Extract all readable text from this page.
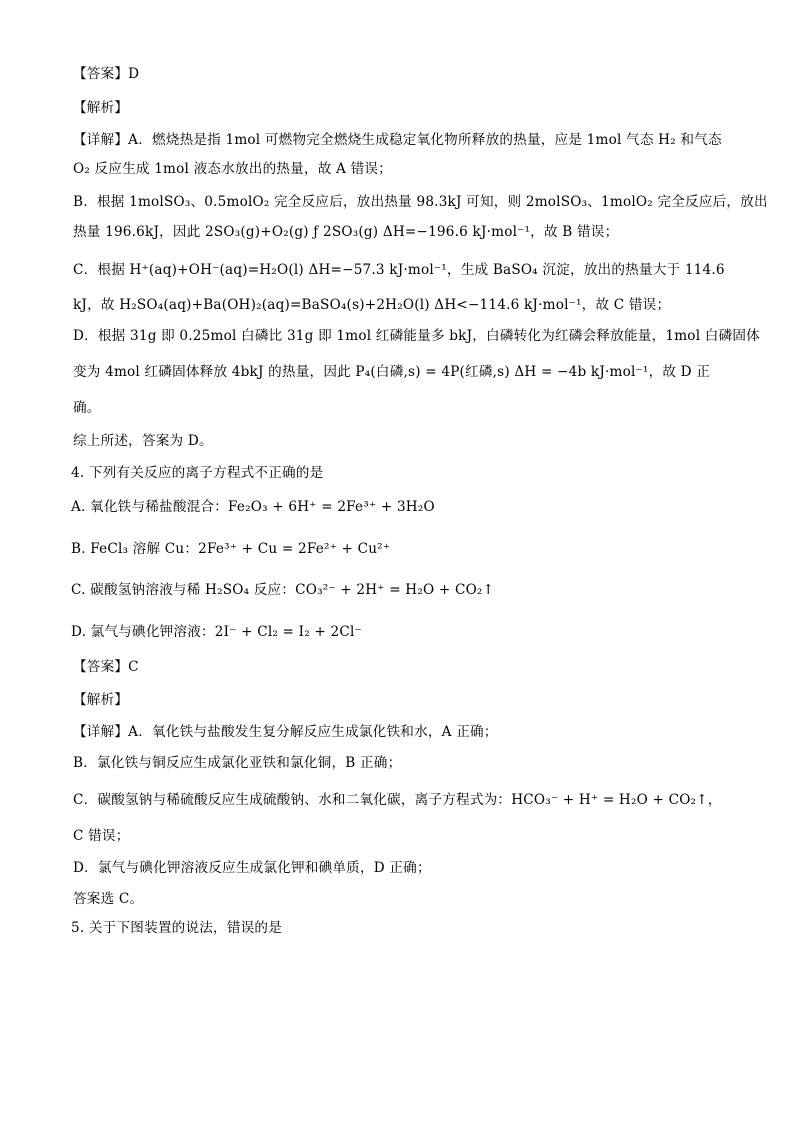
【答案】D
【解析】
【详解】A．燃烧热是指 1mol 可燃物完全燃烧生成稳定氧化物所释放的热量，应是 1mol 气态 H₂ 和气态
O₂ 反应生成 1mol 液态水放出的热量，故 A 错误；
B．根据 1molSO₃、0.5molO₂ 完全反应后，放出热量 98.3kJ 可知，则 2molSO₃、1molO₂ 完全反应后，放出
热量 196.6kJ，因此 2SO₃(g)+O₂(g) ƒ 2SO₃(g) ΔH=−196.6 kJ·mol⁻¹，故 B 错误；
C．根据 H⁺(aq)+OH⁻(aq)=H₂O(l) ΔH=−57.3 kJ·mol⁻¹，生成 BaSO₄ 沉淀，放出的热量大于 114.6
kJ，故 H₂SO₄(aq)+Ba(OH)₂(aq)=BaSO₄(s)+2H₂O(l) ΔH<−114.6 kJ·mol⁻¹，故 C 错误；
D．根据 31g 即 0.25mol 白磷比 31g 即 1mol 红磷能量多 bkJ，白磷转化为红磷会释放能量，1mol 白磷固体
变为 4mol 红磷固体释放 4bkJ 的热量，因此 P₄(白磷,s) = 4P(红磷,s) ΔH = −4b kJ·mol⁻¹，故 D 正
确。
综上所述，答案为 D。
4. 下列有关反应的离子方程式不正确的是
A. 氧化铁与稀盐酸混合：Fe₂O₃ + 6H⁺ = 2Fe³⁺ + 3H₂O
B. FeCl₃ 溶解 Cu：2Fe³⁺ + Cu = 2Fe²⁺ + Cu²⁺
C. 碳酸氢钠溶液与稀 H₂SO₄ 反应：CO₃²⁻ + 2H⁺ = H₂O + CO₂↑
D. 氯气与碘化钾溶液：2I⁻ + Cl₂ = I₂ + 2Cl⁻
【答案】C
【解析】
【详解】A．氧化铁与盐酸发生复分解反应生成氯化铁和水，A 正确；
B．氯化铁与铜反应生成氯化亚铁和氯化铜，B 正确；
C．碳酸氢钠与稀硫酸反应生成硫酸钠、水和二氧化碳，离子方程式为：HCO₃⁻ + H⁺ = H₂O + CO₂↑，
C 错误；
D．氯气与碘化钾溶液反应生成氯化钾和碘单质，D 正确；
答案选 C。
5. 关于下图装置的说法，错误的是
